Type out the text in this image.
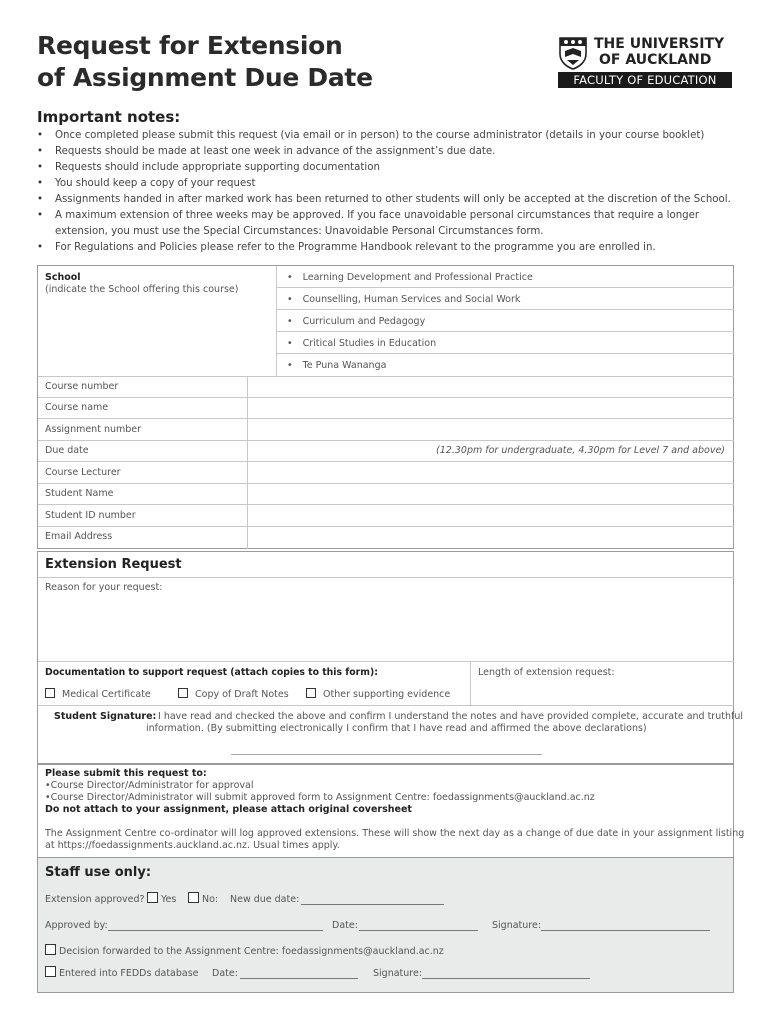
Request for Extension
of Assignment Due Date
THE UNIVERSITY
OF AUCKLAND
FACULTY OF EDUCATION
Important notes:
• Once completed please submit this request (via email or in person) to the course administrator (details in your course booklet)
• Requests should be made at least one week in advance of the assignment’s due date.
• Requests should include appropriate supporting documentation
• You should keep a copy of your request
• Assignments handed in after marked work has been returned to other students will only be accepted at the discretion of the School.
• A maximum extension of three weeks may be approved. If you face unavoidable personal circumstances that require a longer extension, you must use the Special Circumstances: Unavoidable Personal Circumstances form.
• For Regulations and Policies please refer to the Programme Handbook relevant to the programme you are enrolled in.
School
(indicate the School offering this course)
• Learning Development and Professional Practice
• Counselling, Human Services and Social Work
• Curriculum and Pedagogy
• Critical Studies in Education
• Te Puna Wananga
Course number
Course name
Assignment number
Due date	(12.30pm for undergraduate, 4.30pm for Level 7 and above)
Course Lecturer
Student Name
Student ID number
Email Address
Extension Request
Reason for your request:
Documentation to support request (attach copies to this form):	Length of extension request:
Medical Certificate	Copy of Draft Notes	Other supporting evidence
Student Signature: I have read and checked the above and confirm I understand the notes and have provided complete, accurate and truthful
information. (By submitting electronically I confirm that I have read and affirmed the above declarations)
Please submit this request to:
•Course Director/Administrator for approval
•Course Director/Administrator will submit approved form to Assignment Centre: foedassignments@auckland.ac.nz
Do not attach to your assignment, please attach original coversheet
The Assignment Centre co-ordinator will log approved extensions. These will show the next day as a change of due date in your assignment listing
at https://foedassignments.auckland.ac.nz. Usual times apply.
Staff use only:
Extension approved? Yes	No: New due date:
Approved by:	Date:	Signature:
Decision forwarded to the Assignment Centre: foedassignments@auckland.ac.nz
Entered into FEDDs database Date:	Signature:
